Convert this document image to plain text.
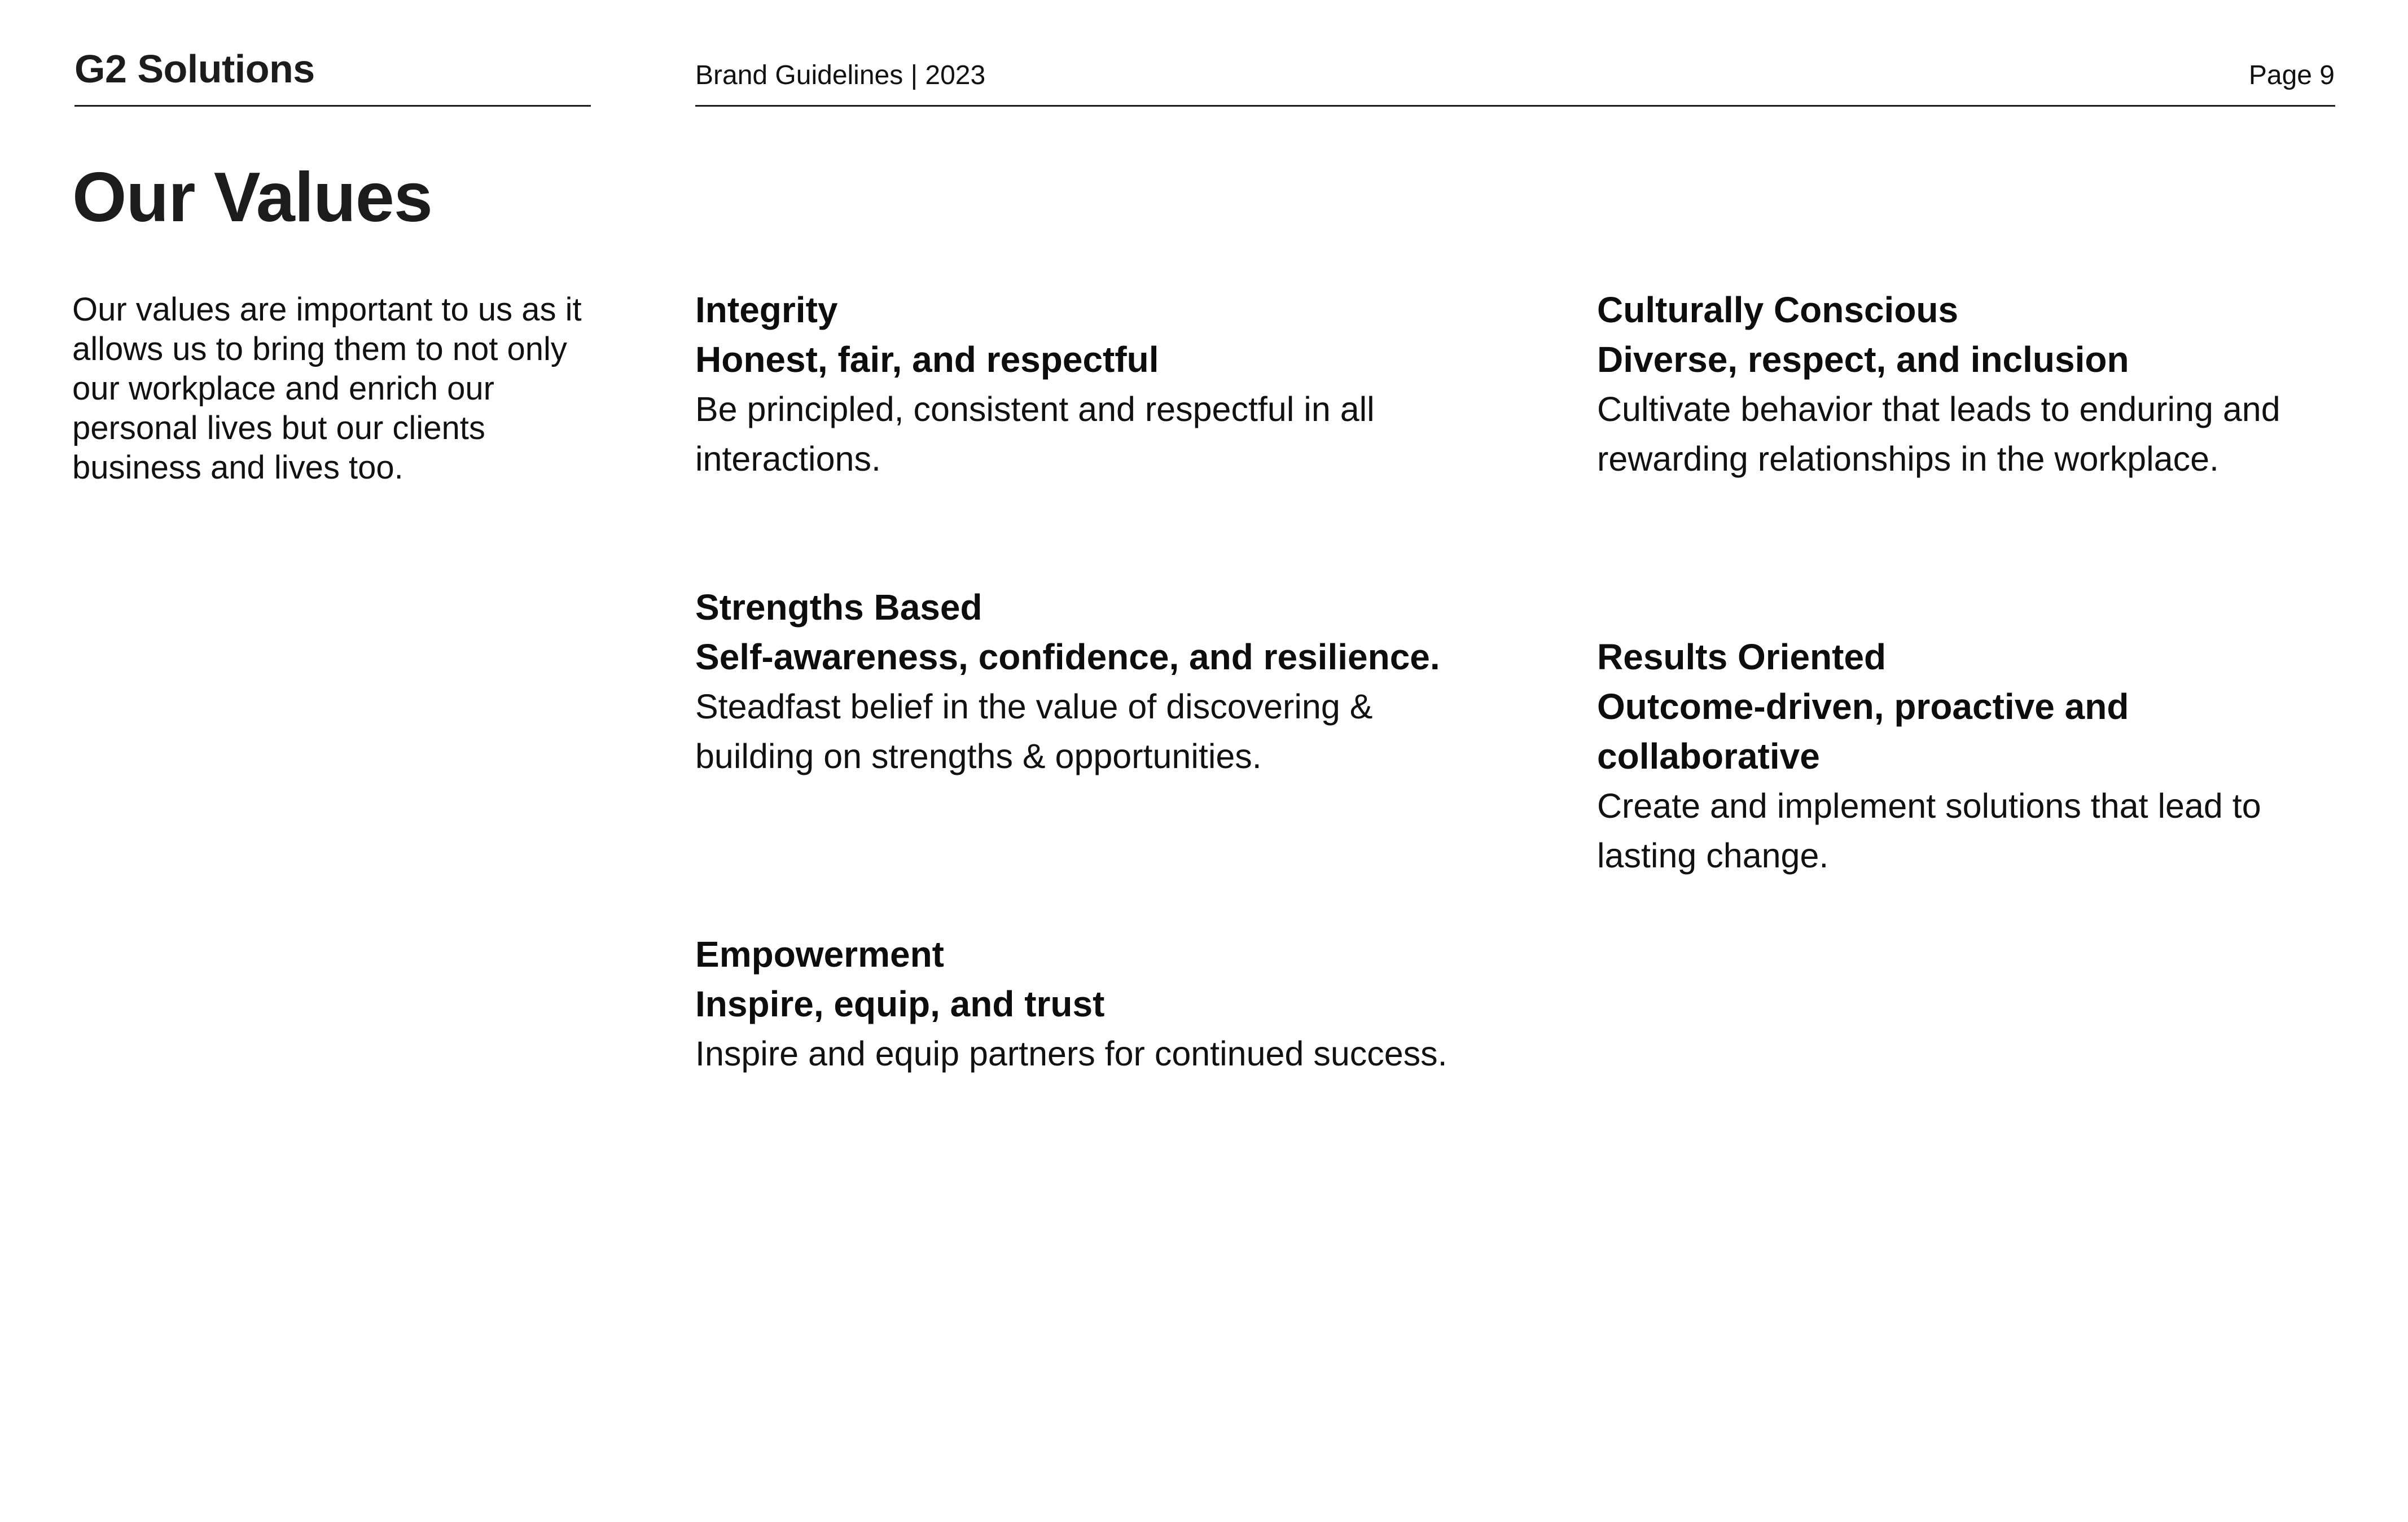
G2 Solutions	Brand Guidelines | 2023	Page 9
Our Values

Our values are important to us as it allows us to bring them to not only our workplace and enrich our personal lives but our clients business and lives too.

Integrity
Honest, fair, and respectful
Be principled, consistent and respectful in all interactions.
Culturally Conscious
Diverse, respect, and inclusion
Cultivate behavior that leads to enduring and rewarding relationships in the workplace.
Strengths Based
Self-awareness, confidence, and resilience.
Steadfast belief in the value of discovering & building on strengths & opportunities.
Results Oriented
Outcome-driven, proactive and collaborative
Create and implement solutions that lead to lasting change.
Empowerment
Inspire, equip, and trust
Inspire and equip partners for continued success.
